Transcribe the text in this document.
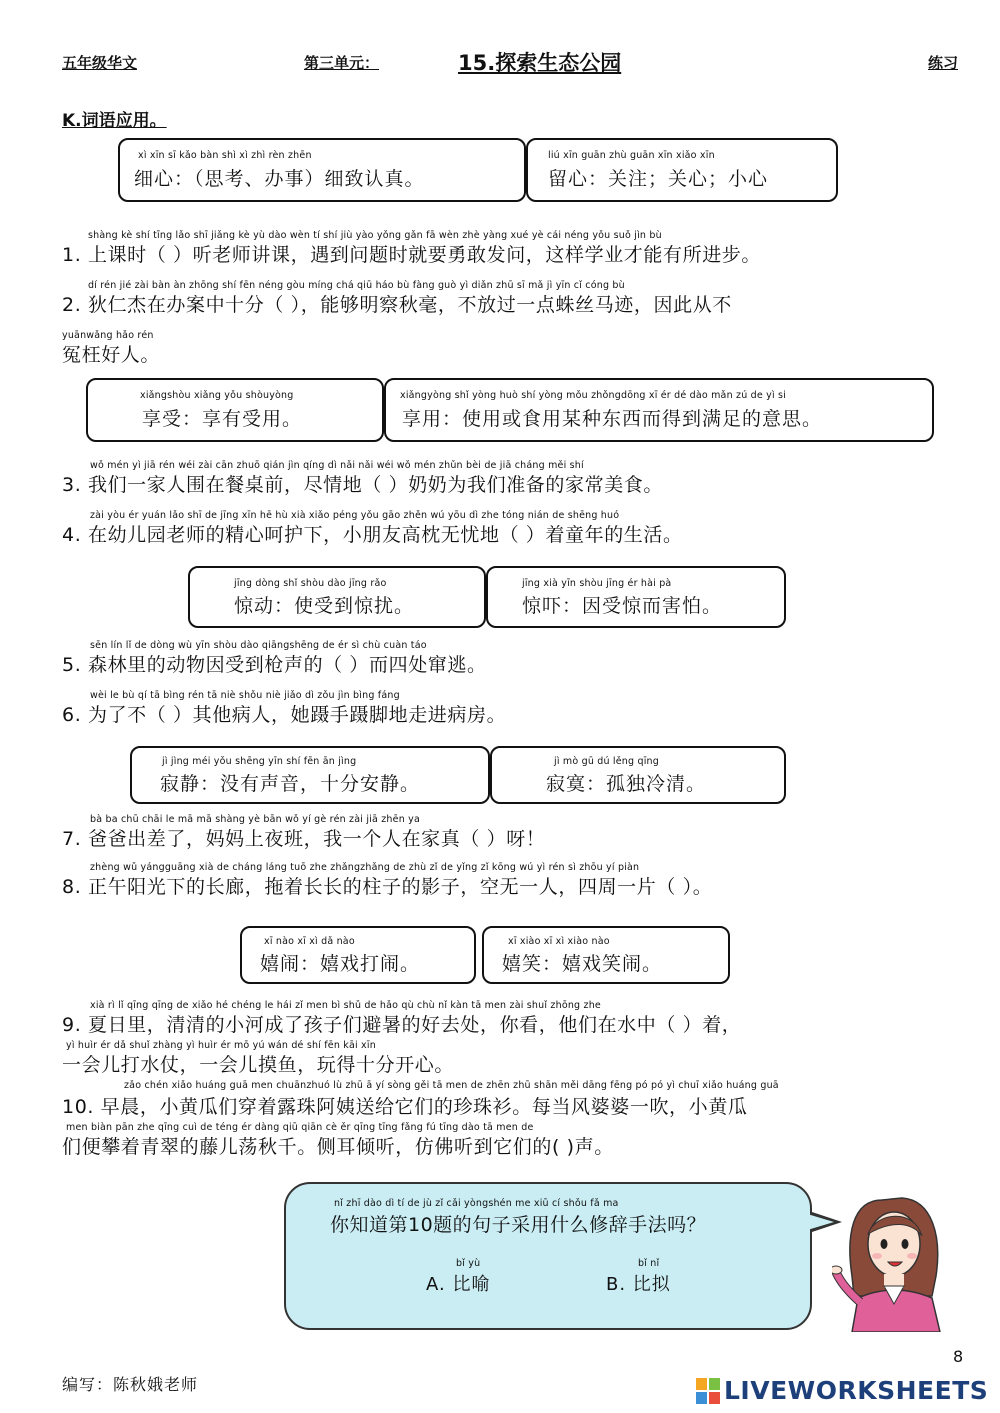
五年级华文	第三单元：	15.探索生态公园	练习
K.词语应用。
xì xīn sī kǎo bàn shì xì zhì rèn zhēn
细心：（思考、办事）细致认真。
liú xīn guān zhù guān xīn xiǎo xīn
留心：关注；关心；小心
shàng kè shí tīng lǎo shī jiǎng kè yù dào wèn tí shí jiù yào yǒng gǎn fā wèn zhè yàng xué yè cái néng yǒu suǒ jìn bù
1. 上课时（ ）听老师讲课，遇到问题时就要勇敢发问，这样学业才能有所进步。
dí rén jié zài bàn àn zhōng shí fēn néng gòu míng chá qiū háo bù fàng guò yì diǎn zhū sī mǎ jì yīn cǐ cóng bù
2. 狄仁杰在办案中十分（ ），能够明察秋毫，不放过一点蛛丝马迹，因此从不
yuānwǎng hǎo rén
冤枉好人。
xiǎngshòu xiǎng yǒu shòuyòng
享受：享有受用。
xiǎngyòng shǐ yòng huò shí yòng mǒu zhǒngdōng xī ér dé dào mǎn zú de yì si
享用：使用或食用某种东西而得到满足的意思。
wǒ mén yì jiā rén wéi zài cān zhuō qián jìn qíng dì nǎi nǎi wéi wǒ mén zhǔn bèi de jiā cháng měi shí
3. 我们一家人围在餐桌前，尽情地（ ）奶奶为我们准备的家常美食。
zài yòu ér yuán lǎo shī de jīng xīn hē hù xià xiǎo péng yǒu gāo zhěn wú yōu dì zhe tóng nián de shēng huó
4. 在幼儿园老师的精心呵护下，小朋友高枕无忧地（ ）着童年的生活。
jīng dòng shǐ shòu dào jīng rǎo
惊动：使受到惊扰。
jīng xià yīn shòu jīng ér hài pà
惊吓：因受惊而害怕。
sēn lín lǐ de dòng wù yīn shòu dào qiāngshēng de ér sì chù cuàn táo
5. 森林里的动物因受到枪声的（ ）而四处窜逃。
wèi le bù qí tā bìng rén tā niè shǒu niè jiǎo dì zǒu jìn bìng fáng
6. 为了不（ ）其他病人，她蹑手蹑脚地走进病房。
jì jìng méi yǒu shēng yīn shí fēn ān jìng
寂静：没有声音，十分安静。
jì mò gū dú lěng qīng
寂寞：孤独冷清。
bà ba chū chāi le mā mā shàng yè bān wǒ yí gè rén zài jiā zhēn ya
7. 爸爸出差了，妈妈上夜班，我一个人在家真（ ）呀！
zhèng wǔ yángguāng xià de cháng láng tuō zhe zhǎngzhǎng de zhù zǐ de yǐng zǐ kōng wú yì rén sì zhōu yí piàn
8. 正午阳光下的长廊，拖着长长的柱子的影子，空无一人，四周一片（ ）。
xī nào xī xì dǎ nào
嬉闹：嬉戏打闹。
xī xiào xī xì xiào nào
嬉笑：嬉戏笑闹。
xià rì lǐ qīng qīng de xiǎo hé chéng le hái zǐ men bì shǔ de hǎo qù chù nǐ kàn tā men zài shuǐ zhōng zhe
9. 夏日里，清清的小河成了孩子们避暑的好去处，你看，他们在水中（ ）着，
yì huìr ér dǎ shuǐ zhàng yì huìr ér mō yú wán dé shí fēn kāi xīn
一会儿打水仗，一会儿摸鱼，玩得十分开心。
zǎo chén xiǎo huáng guā men chuānzhuó lù zhū ā yí sòng gěi tā men de zhēn zhū shān měi dāng fēng pó pó yì chuī xiǎo huáng guā
10. 早晨，小黄瓜们穿着露珠阿姨送给它们的珍珠衫。每当风婆婆一吹，小黄瓜
men biàn pān zhe qīng cuì de téng ér dàng qiū qiān cè ěr qīng tīng fǎng fú tīng dào tā men de
们便攀着青翠的藤儿荡秋千。侧耳倾听，仿佛听到它们的( )声。
nǐ zhī dào dì tí de jù zǐ cǎi yòngshén me xiū cí shǒu fǎ ma
你知道第10题的句子采用什么修辞手法吗？
bǐ yù
A. 比喻
bǐ nǐ
B. 比拟
8
编写：陈秋娥老师	LIVEWORKSHEETS
